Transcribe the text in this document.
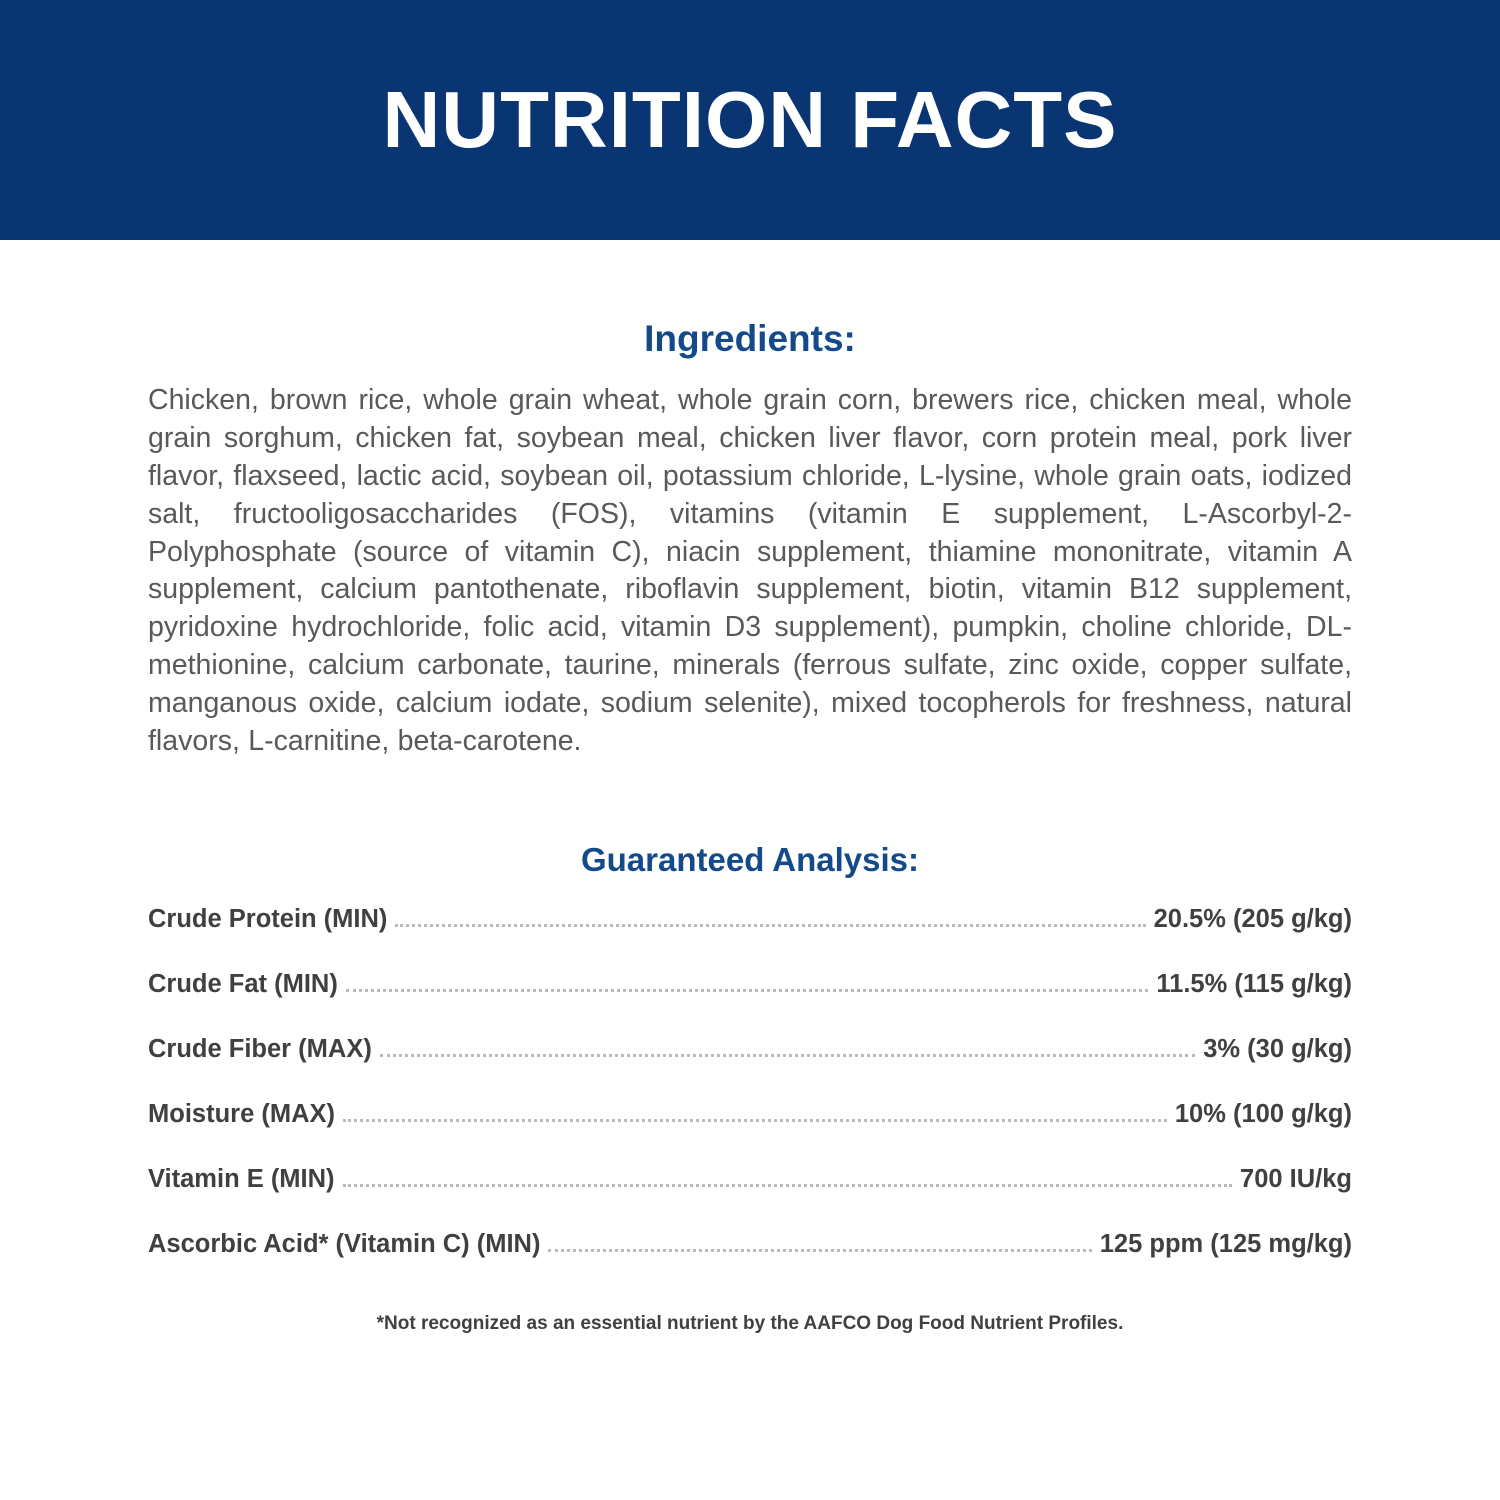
NUTRITION FACTS
Ingredients:
Chicken, brown rice, whole grain wheat, whole grain corn, brewers rice, chicken meal, whole grain sorghum, chicken fat, soybean meal, chicken liver flavor, corn protein meal, pork liver flavor, flaxseed, lactic acid, soybean oil, potassium chloride, L-lysine, whole grain oats, iodized salt, fructooligosaccharides (FOS), vitamins (vitamin E supplement, L-Ascorbyl-2-Polyphosphate (source of vitamin C), niacin supplement, thiamine mononitrate, vitamin A supplement, calcium pantothenate, riboflavin supplement, biotin, vitamin B12 supplement, pyridoxine hydrochloride, folic acid, vitamin D3 supplement), pumpkin, choline chloride, DL-methionine, calcium carbonate, taurine, minerals (ferrous sulfate, zinc oxide, copper sulfate, manganous oxide, calcium iodate, sodium selenite), mixed tocopherols for freshness, natural flavors, L-carnitine, beta-carotene.
Guaranteed Analysis:
Crude Protein (MIN)	20.5% (205 g/kg)
Crude Fat (MIN)	11.5% (115 g/kg)
Crude Fiber (MAX)	3% (30 g/kg)
Moisture (MAX)	10% (100 g/kg)
Vitamin E (MIN)	700 IU/kg
Ascorbic Acid* (Vitamin C) (MIN)	125 ppm (125 mg/kg)
*Not recognized as an essential nutrient by the AAFCO Dog Food Nutrient Profiles.
